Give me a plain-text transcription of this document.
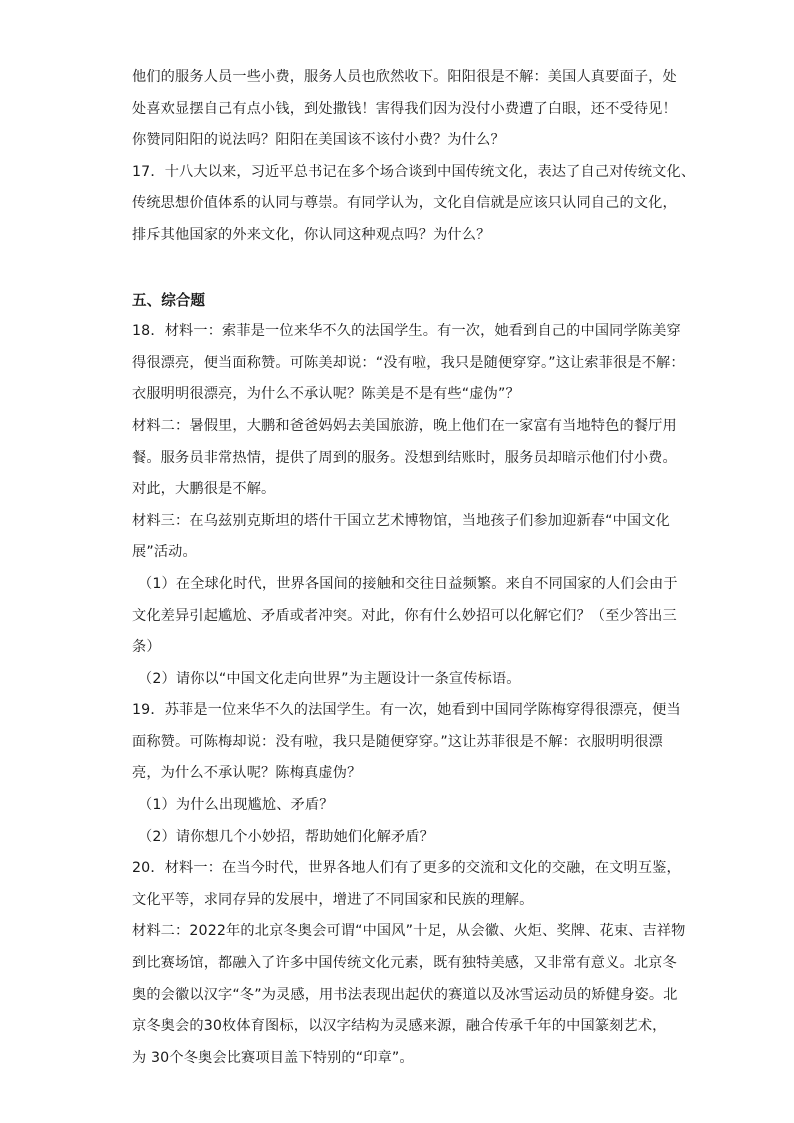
他们的服务人员一些小费，服务人员也欣然收下。阳阳很是不解：美国人真要面子，处
处喜欢显摆自己有点小钱，到处撒钱！害得我们因为没付小费遭了白眼，还不受待见！
你赞同阳阳的说法吗？阳阳在美国该不该付小费？为什么？
17．十八大以来，习近平总书记在多个场合谈到中国传统文化，表达了自己对传统文化、
传统思想价值体系的认同与尊崇。有同学认为，文化自信就是应该只认同自己的文化，
排斥其他国家的外来文化，你认同这种观点吗？为什么？
五、综合题
18．材料一：索菲是一位来华不久的法国学生。有一次，她看到自己的中国同学陈美穿
得很漂亮，便当面称赞。可陈美却说：“没有啦，我只是随便穿穿。”这让索菲很是不解：
衣服明明很漂亮，为什么不承认呢？陈美是不是有些“虚伪”？
材料二：暑假里，大鹏和爸爸妈妈去美国旅游，晚上他们在一家富有当地特色的餐厅用
餐。服务员非常热情，提供了周到的服务。没想到结账时，服务员却暗示他们付小费。
对此，大鹏很是不解。
材料三：在乌兹别克斯坦的塔什干国立艺术博物馆，当地孩子们参加迎新春“中国文化
展”活动。
（1）在全球化时代，世界各国间的接触和交往日益频繁。来自不同国家的人们会由于
文化差异引起尴尬、矛盾或者冲突。对此，你有什么妙招可以化解它们？（至少答出三
条）
（2）请你以“中国文化走向世界”为主题设计一条宣传标语。
19．苏菲是一位来华不久的法国学生。有一次，她看到中国同学陈梅穿得很漂亮，便当
面称赞。可陈梅却说：没有啦，我只是随便穿穿。”这让苏菲很是不解：衣服明明很漂
亮，为什么不承认呢？陈梅真虚伪？
（1）为什么出现尴尬、矛盾？
（2）请你想几个小妙招，帮助她们化解矛盾？
20．材料一：在当今时代，世界各地人们有了更多的交流和文化的交融，在文明互鉴，
文化平等，求同存异的发展中，增进了不同国家和民族的理解。
材料二：2022年的北京冬奥会可谓“中国风”十足，从会徽、火炬、奖牌、花束、吉祥物
到比赛场馆，都融入了许多中国传统文化元素，既有独特美感，又非常有意义。北京冬
奥的会徽以汉字“冬”为灵感，用书法表现出起伏的赛道以及冰雪运动员的矫健身姿。北
京冬奥会的30枚体育图标，以汉字结构为灵感来源，融合传承千年的中国篆刻艺术，
为 30个冬奥会比赛项目盖下特别的“印章”。
